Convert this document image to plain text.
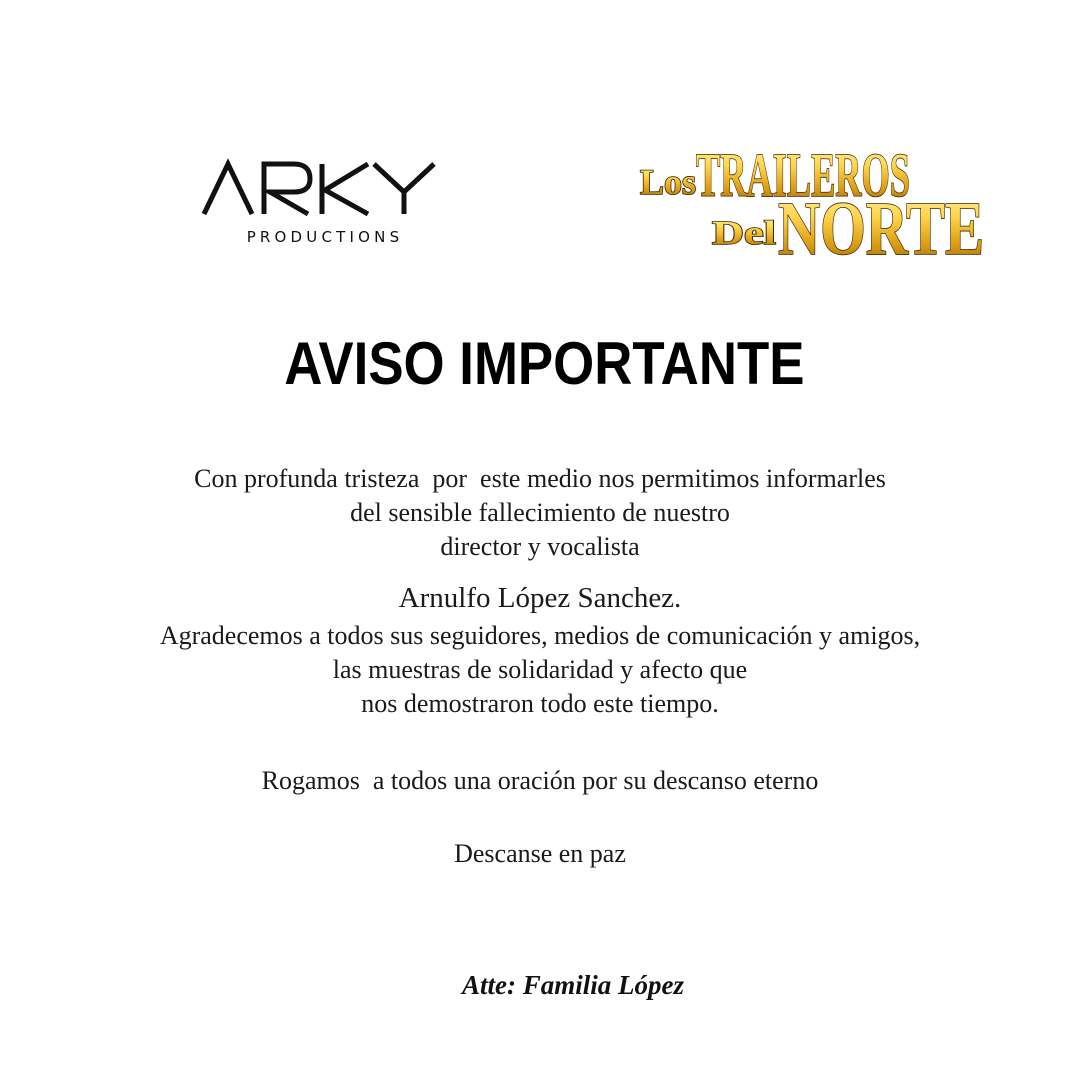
PRODUCTIONS
Los TRAILEROS
Del NORTE
AVISO IMPORTANTE
Con profunda tristeza  por  este medio nos permitimos informarles
del sensible fallecimiento de nuestro
director y vocalista
Arnulfo López Sanchez.
Agradecemos a todos sus seguidores, medios de comunicación y amigos,
las muestras de solidaridad y afecto que
nos demostraron todo este tiempo.
Rogamos  a todos una oración por su descanso eterno
Descanse en paz
Atte: Familia López
